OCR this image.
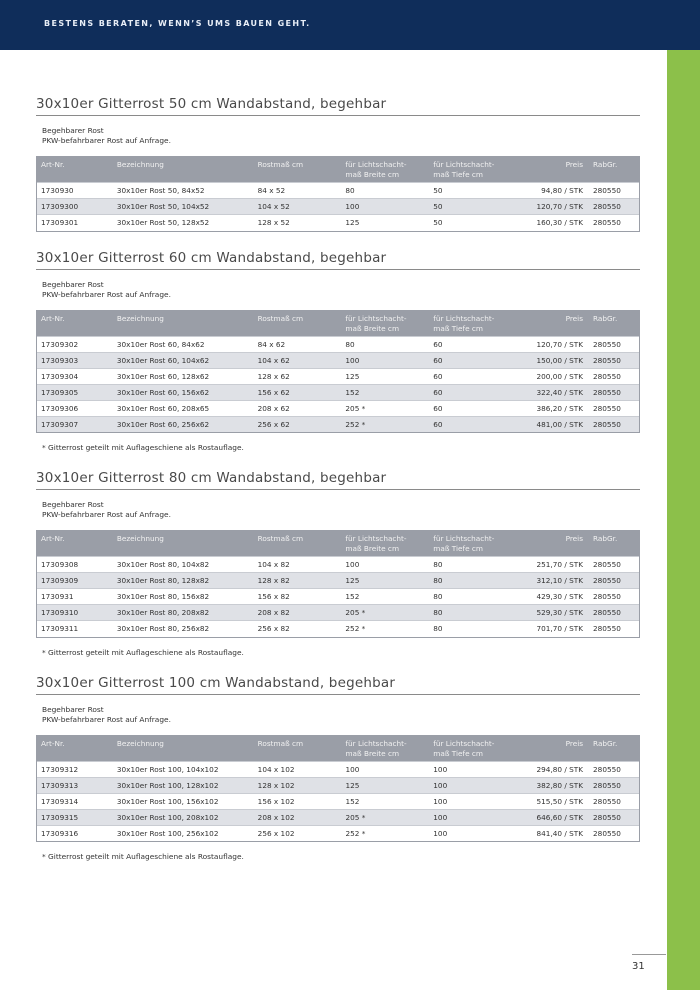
BESTENS BERATEN, WENN’S UMS BAUEN GEHT.
30x10er Gitterrost 50 cm Wandabstand, begehbar
Begehbarer Rost
PKW-befahrbarer Rost auf Anfrage.
Art-Nr.	Bezeichnung	Rostmaß cm	für Lichtschacht-
maß Breite cm	für Lichtschacht-
maß Tiefe cm	Preis	RabGr.
1730930	30x10er Rost 50, 84x52	84 x 52	80	50	94,80 / STK	280550
17309300	30x10er Rost 50, 104x52	104 x 52	100	50	120,70 / STK	280550
17309301	30x10er Rost 50, 128x52	128 x 52	125	50	160,30 / STK	280550
30x10er Gitterrost 60 cm Wandabstand, begehbar
Begehbarer Rost
PKW-befahrbarer Rost auf Anfrage.
Art-Nr.	Bezeichnung	Rostmaß cm	für Lichtschacht-
maß Breite cm	für Lichtschacht-
maß Tiefe cm	Preis	RabGr.
17309302	30x10er Rost 60, 84x62	84 x 62	80	60	120,70 / STK	280550
17309303	30x10er Rost 60, 104x62	104 x 62	100	60	150,00 / STK	280550
17309304	30x10er Rost 60, 128x62	128 x 62	125	60	200,00 / STK	280550
17309305	30x10er Rost 60, 156x62	156 x 62	152	60	322,40 / STK	280550
17309306	30x10er Rost 60, 208x65	208 x 62	205 *	60	386,20 / STK	280550
17309307	30x10er Rost 60, 256x62	256 x 62	252 *	60	481,00 / STK	280550
* Gitterrost geteilt mit Auflageschiene als Rostauflage.
30x10er Gitterrost 80 cm Wandabstand, begehbar
Begehbarer Rost
PKW-befahrbarer Rost auf Anfrage.
Art-Nr.	Bezeichnung	Rostmaß cm	für Lichtschacht-
maß Breite cm	für Lichtschacht-
maß Tiefe cm	Preis	RabGr.
17309308	30x10er Rost 80, 104x82	104 x 82	100	80	251,70 / STK	280550
17309309	30x10er Rost 80, 128x82	128 x 82	125	80	312,10 / STK	280550
1730931	30x10er Rost 80, 156x82	156 x 82	152	80	429,30 / STK	280550
17309310	30x10er Rost 80, 208x82	208 x 82	205 *	80	529,30 / STK	280550
17309311	30x10er Rost 80, 256x82	256 x 82	252 *	80	701,70 / STK	280550
* Gitterrost geteilt mit Auflageschiene als Rostauflage.
30x10er Gitterrost 100 cm Wandabstand, begehbar
Begehbarer Rost
PKW-befahrbarer Rost auf Anfrage.
Art-Nr.	Bezeichnung	Rostmaß cm	für Lichtschacht-
maß Breite cm	für Lichtschacht-
maß Tiefe cm	Preis	RabGr.
17309312	30x10er Rost 100, 104x102	104 x 102	100	100	294,80 / STK	280550
17309313	30x10er Rost 100, 128x102	128 x 102	125	100	382,80 / STK	280550
17309314	30x10er Rost 100, 156x102	156 x 102	152	100	515,50 / STK	280550
17309315	30x10er Rost 100, 208x102	208 x 102	205 *	100	646,60 / STK	280550
17309316	30x10er Rost 100, 256x102	256 x 102	252 *	100	841,40 / STK	280550
* Gitterrost geteilt mit Auflageschiene als Rostauflage.
31
